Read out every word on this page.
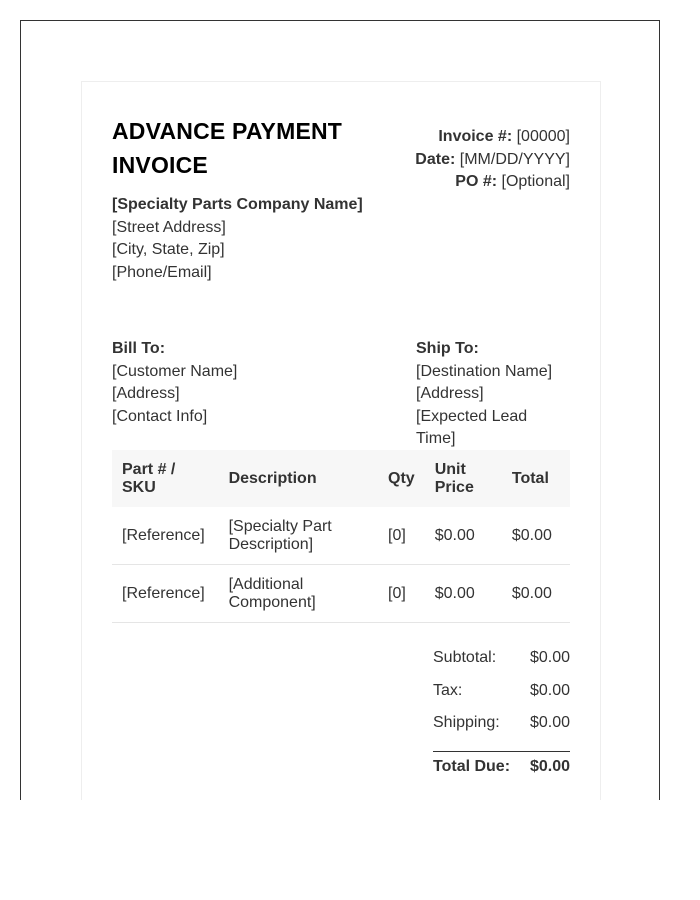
ADVANCE PAYMENT INVOICE
Invoice #: [00000]
Date: [MM/DD/YYYY]
PO #: [Optional]
[Specialty Parts Company Name]
[Street Address]
[City, State, Zip]
[Phone/Email]
Bill To:
[Customer Name]
[Address]
[Contact Info]
Ship To:
[Destination Name]
[Address]
[Expected Lead Time]
Part # / SKU	Description	Qty	Unit Price	Total
[Reference]	[Specialty Part Description]	[0]	$0.00	$0.00
[Reference]	[Additional Component]	[0]	$0.00	$0.00
Subtotal: $0.00
Tax:	$0.00
Shipping: $0.00
Total Due: $0.00
